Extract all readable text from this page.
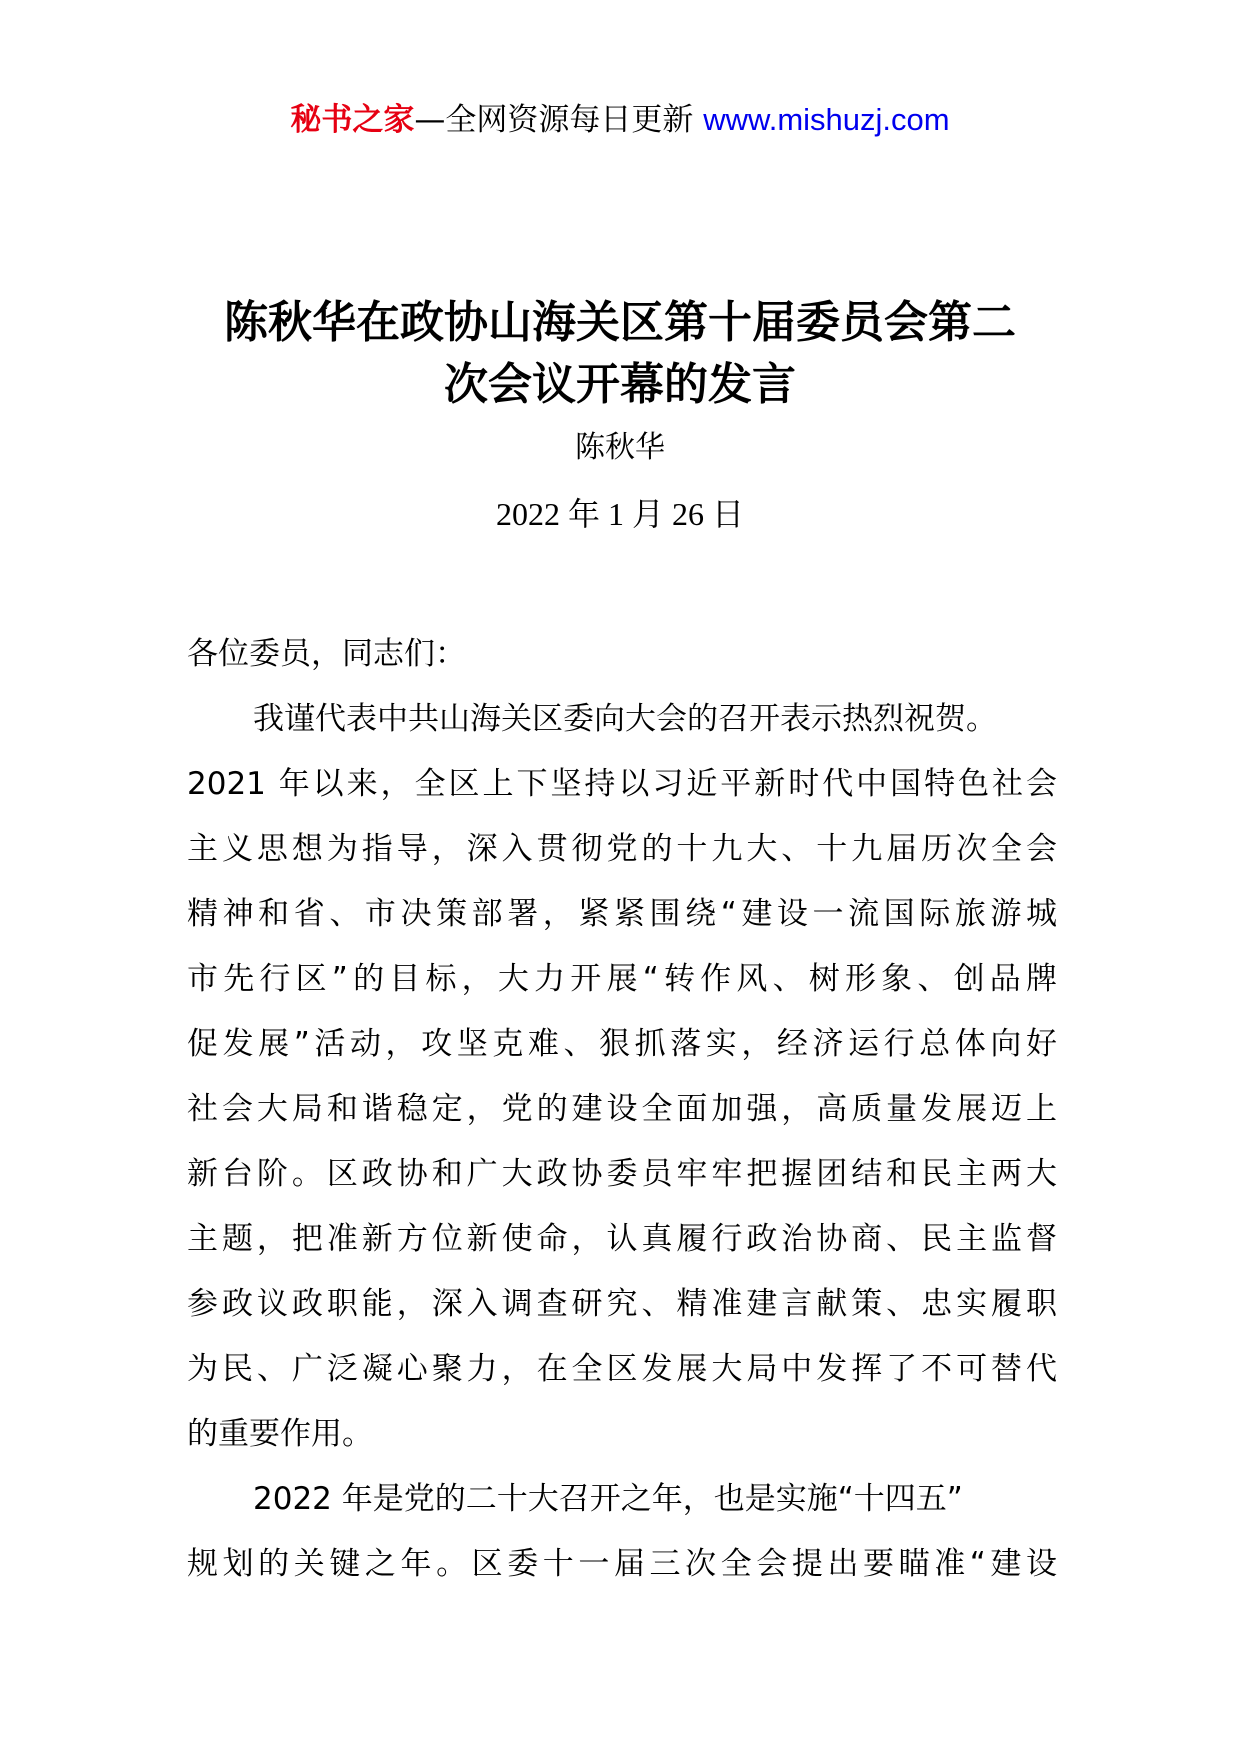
秘书之家—全网资源每日更新 www.mishuzj.com
陈秋华在政协山海关区第十届委员会第二
次会议开幕的发言
陈秋华
2022 年 1 月 26 日
各位委员，同志们：
我谨代表中共山海关区委向大会的召开表示热烈祝贺。
2021 年以来，全区上下坚持以习近平新时代中国特色社会
主义思想为指导，深入贯彻党的十九大、十九届历次全会
精神和省、市决策部署，紧紧围绕“建设一流国际旅游城
市先行区”的目标，大力开展“转作风、树形象、创品牌
促发展”活动，攻坚克难、狠抓落实，经济运行总体向好
社会大局和谐稳定，党的建设全面加强，高质量发展迈上
新台阶。区政协和广大政协委员牢牢把握团结和民主两大
主题，把准新方位新使命，认真履行政治协商、民主监督
参政议政职能，深入调查研究、精准建言献策、忠实履职
为民、广泛凝心聚力，在全区发展大局中发挥了不可替代
的重要作用。
2022 年是党的二十大召开之年，也是实施“十四五”
规划的关键之年。区委十一届三次全会提出要瞄准“建设
